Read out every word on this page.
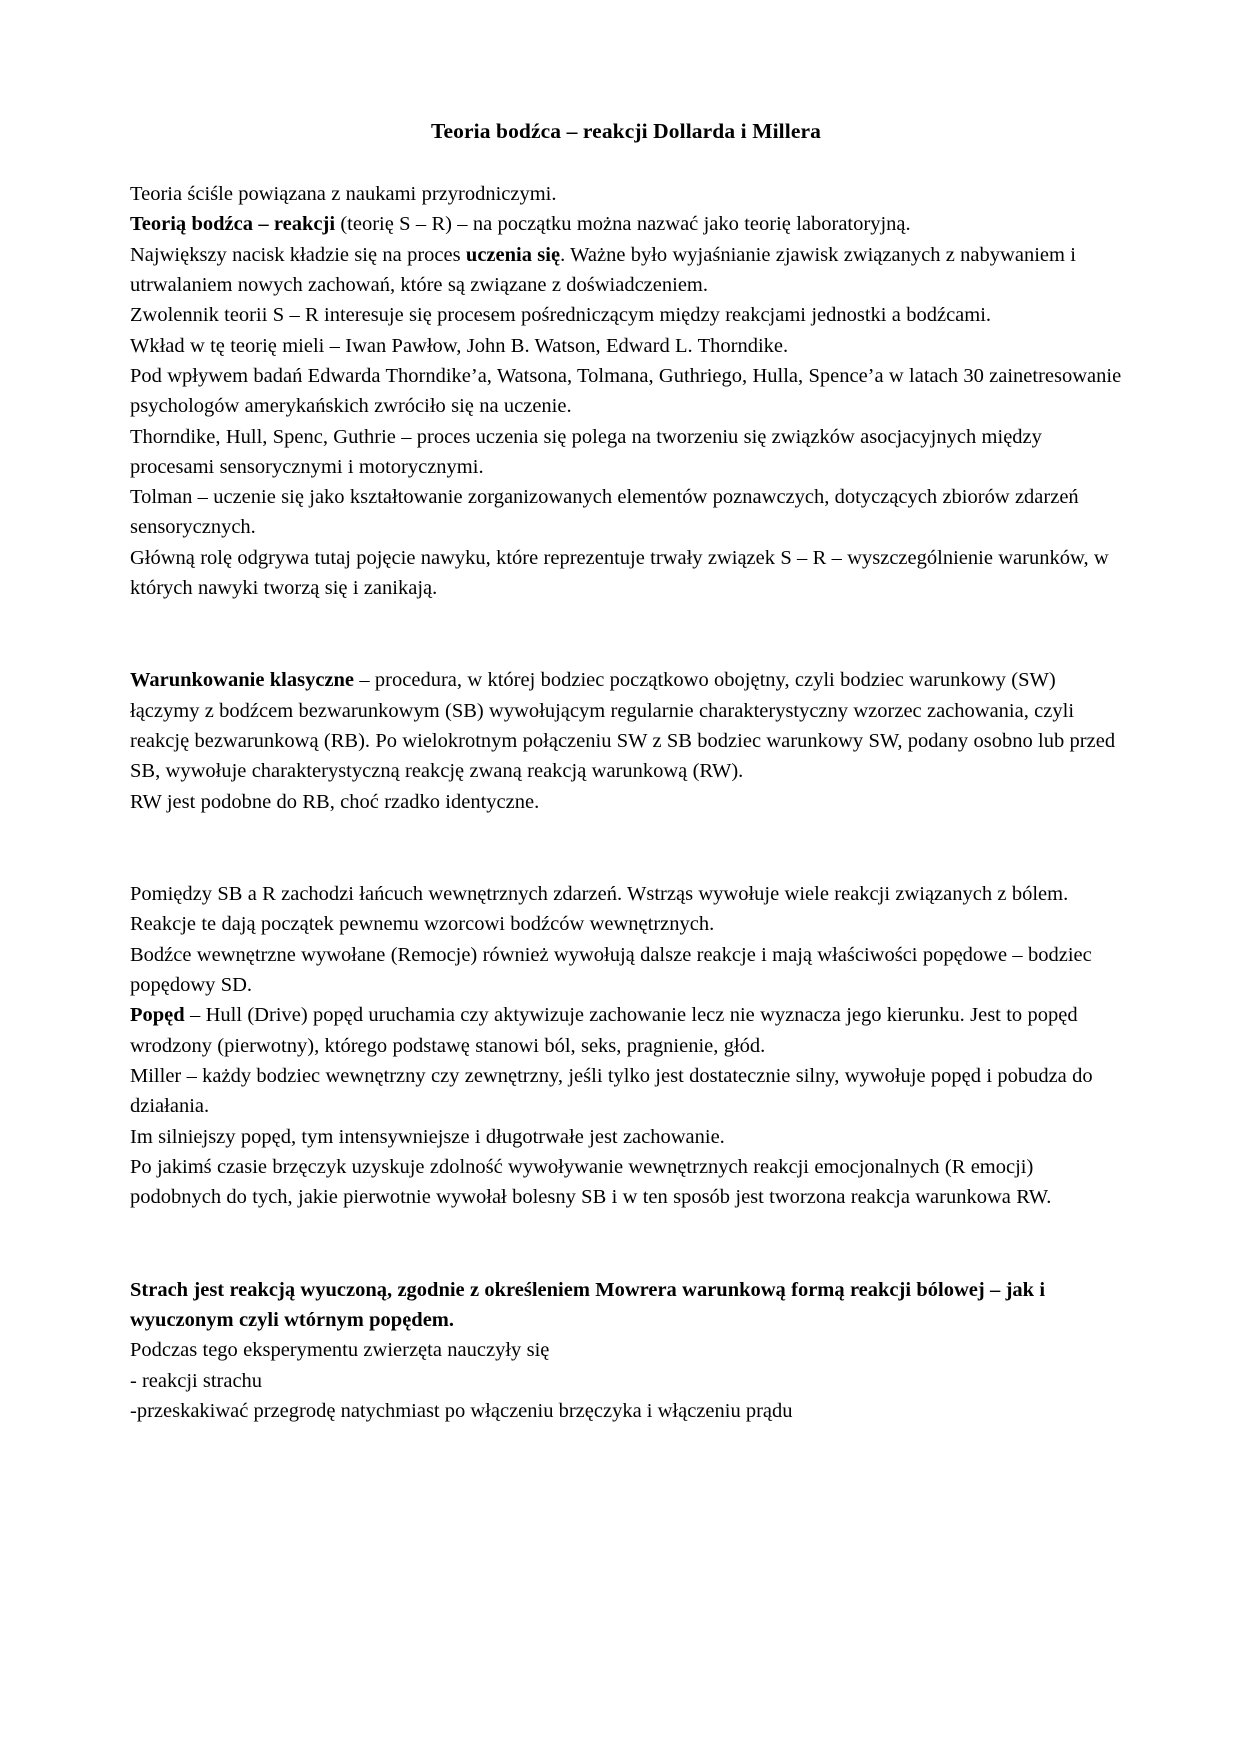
Teoria bodźca – reakcji Dollarda i Millera

Teoria ściśle powiązana z naukami przyrodniczymi.

Teorią bodźca – reakcji (teorię S – R) – na początku można nazwać jako teorię laboratoryjną.

Największy nacisk kładzie się na proces uczenia się. Ważne było wyjaśnianie zjawisk związanych z nabywaniem i utrwalaniem nowych zachowań, które są związane z doświadczeniem.

Zwolennik teorii S – R interesuje się procesem pośredniczącym między reakcjami jednostki a bodźcami.

Wkład w tę teorię mieli – Iwan Pawłow, John B. Watson, Edward L. Thorndike.

Pod wpływem badań Edwarda Thorndike’a, Watsona, Tolmana, Guthriego, Hulla, Spence’a w latach 30 zainetresowanie psychologów amerykańskich zwróciło się na uczenie.

Thorndike, Hull, Spenc, Guthrie – proces uczenia się polega na tworzeniu się związków asocjacyjnych między procesami sensorycznymi i motorycznymi.

Tolman – uczenie się jako kształtowanie zorganizowanych elementów poznawczych, dotyczących zbiorów zdarzeń sensorycznych.

Główną rolę odgrywa tutaj pojęcie nawyku, które reprezentuje trwały związek S – R – wyszczególnienie warunków, w których nawyki tworzą się i zanikają.

Warunkowanie klasyczne – procedura, w której bodziec początkowo obojętny, czyli bodziec warunkowy (SW) łączymy z bodźcem bezwarunkowym (SB) wywołującym regularnie charakterystyczny wzorzec zachowania, czyli reakcję bezwarunkową (RB). Po wielokrotnym połączeniu SW z SB bodziec warunkowy SW, podany osobno lub przed SB, wywołuje charakterystyczną reakcję zwaną reakcją warunkową (RW).

RW jest podobne do RB, choć rzadko identyczne.

Pomiędzy SB a R zachodzi łańcuch wewnętrznych zdarzeń. Wstrząs wywołuje wiele reakcji związanych z bólem.

Reakcje te dają początek pewnemu wzorcowi bodźców wewnętrznych.

Bodźce wewnętrzne wywołane (Remocje) również wywołują dalsze reakcje i mają właściwości popędowe – bodziec popędowy SD.

Popęd – Hull (Drive) popęd uruchamia czy aktywizuje zachowanie lecz nie wyznacza jego kierunku. Jest to popęd wrodzony (pierwotny), którego podstawę stanowi ból, seks, pragnienie, głód.

Miller – każdy bodziec wewnętrzny czy zewnętrzny, jeśli tylko jest dostatecznie silny, wywołuje popęd i pobudza do działania.

Im silniejszy popęd, tym intensywniejsze i długotrwałe jest zachowanie.

Po jakimś czasie brzęczyk uzyskuje zdolność wywoływanie wewnętrznych reakcji emocjonalnych (R emocji) podobnych do tych, jakie pierwotnie wywołał bolesny SB i w ten sposób jest tworzona reakcja warunkowa RW.

Strach jest reakcją wyuczoną, zgodnie z określeniem Mowrera warunkową formą reakcji bólowej – jak i wyuczonym czyli wtórnym popędem.

Podczas tego eksperymentu zwierzęta nauczyły się

- reakcji strachu

-przeskakiwać przegrodę natychmiast po włączeniu brzęczyka i włączeniu prądu
